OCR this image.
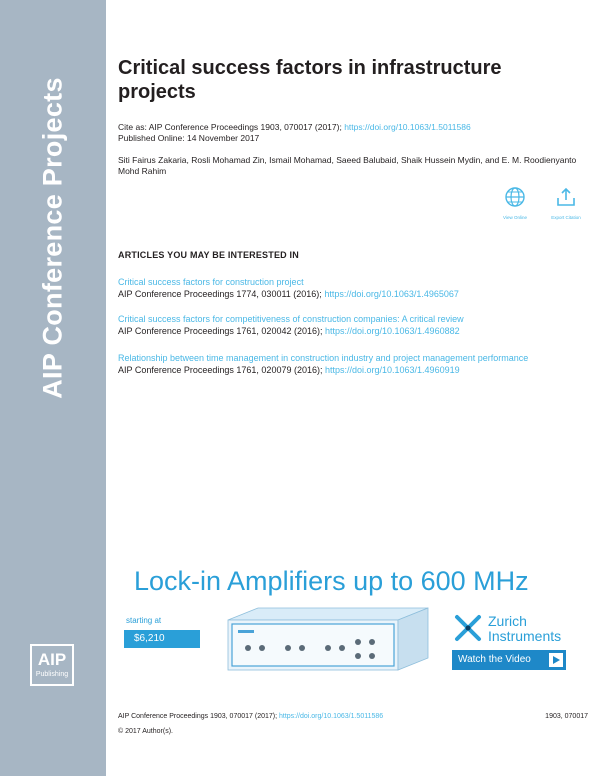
AIP Conference Projects
AIP
Publishing
Critical success factors in infrastructure projects
Cite as: AIP Conference Proceedings 1903, 070017 (2017); https://doi.org/10.1063/1.5011586
Published Online: 14 November 2017
Siti Fairus Zakaria, Rosli Mohamad Zin, Ismail Mohamad, Saeed Balubaid, Shaik Hussein Mydin, and E. M. Roodienyanto Mohd Rahim
View Online	Export Citation
ARTICLES YOU MAY BE INTERESTED IN
Critical success factors for construction project
AIP Conference Proceedings 1774, 030011 (2016); https://doi.org/10.1063/1.4965067
Critical success factors for competitiveness of construction companies: A critical review
AIP Conference Proceedings 1761, 020042 (2016); https://doi.org/10.1063/1.4960882
Relationship between time management in construction industry and project management performance
AIP Conference Proceedings 1761, 020079 (2016); https://doi.org/10.1063/1.4960919
Lock-in Amplifiers up to 600 MHz
starting at
$6,210
Zurich
Instruments
Watch the Video
AIP Conference Proceedings 1903, 070017 (2017); https://doi.org/10.1063/1.5011586	1903, 070017
© 2017 Author(s).
